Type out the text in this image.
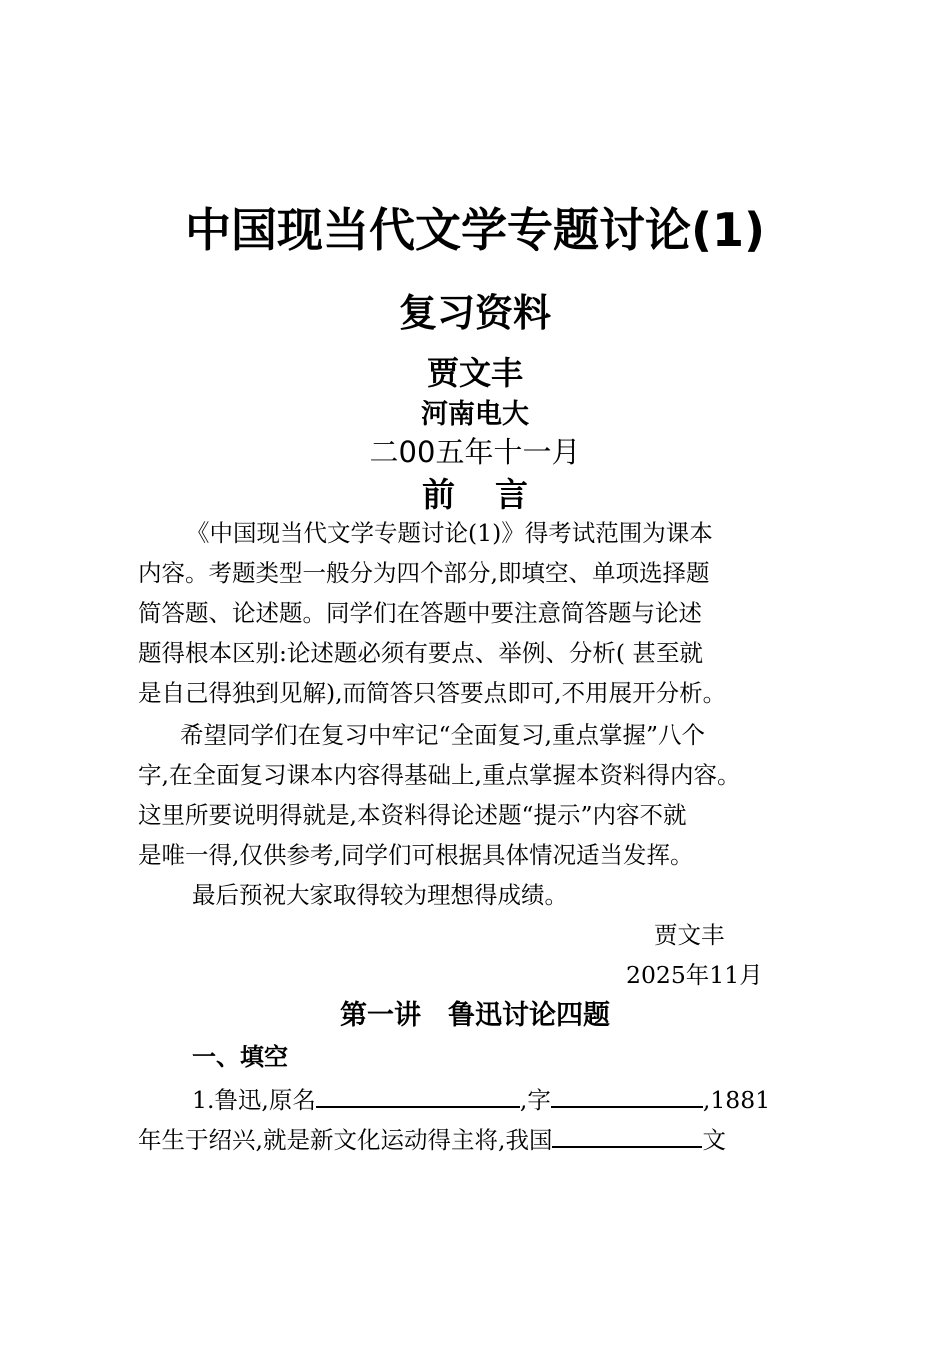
中国现当代文学专题讨论(1)
复习资料
贾文丰
河南电大
二00五年十一月
前言
《中国现当代文学专题讨论(1)》得考试范围为课本
内容。考题类型一般分为四个部分,即填空、单项选择题
简答题、论述题。同学们在答题中要注意简答题与论述
题得根本区别:论述题必须有要点、举例、分析( 甚至就
是自己得独到见解),而简答只答要点即可,不用展开分析。
希望同学们在复习中牢记“全面复习,重点掌握”八个
字,在全面复习课本内容得基础上,重点掌握本资料得内容。
这里所要说明得就是,本资料得论述题“提示”内容不就
是唯一得,仅供参考,同学们可根据具体情况适当发挥。
最后预祝大家取得较为理想得成绩。
贾文丰
2025年11月
第一讲　鲁迅讨论四题
一、填空
1.鲁迅,原名	,字	,1881
年生于绍兴,就是新文化运动得主将,我国	文
